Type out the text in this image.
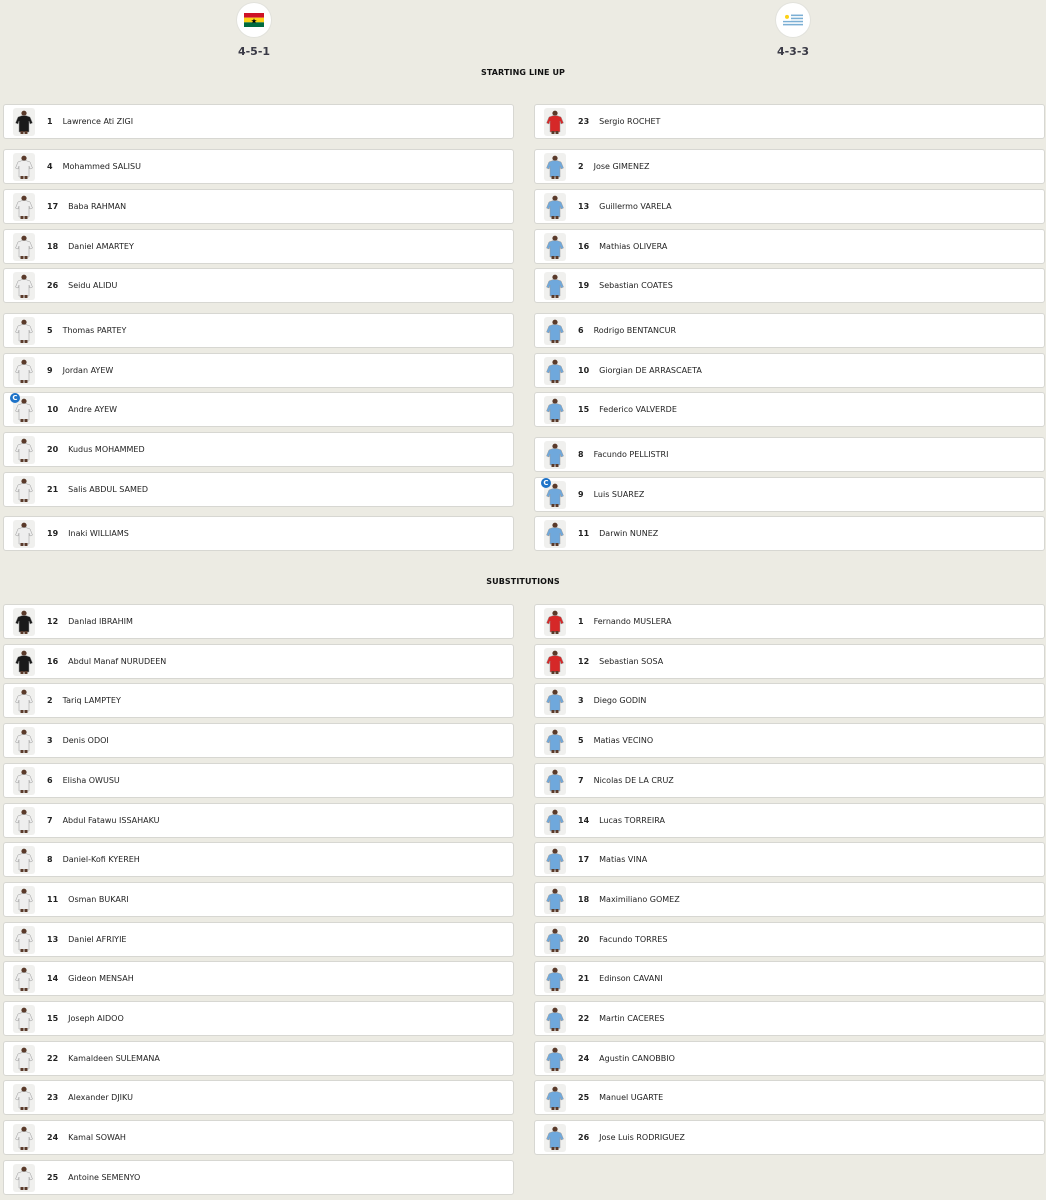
4-5-1	4-3-3
STARTING LINE UP
SUBSTITUTIONS
1 Lawrence Ati ZIGI
4 Mohammed SALISU
17 Baba RAHMAN
18 Daniel AMARTEY
26 Seidu ALIDU
5 Thomas PARTEY
9 Jordan AYEW
C
10 Andre AYEW
20 Kudus MOHAMMED
21 Salis ABDUL SAMED
19 Inaki WILLIAMS
23 Sergio ROCHET
2 Jose GIMENEZ
13 Guillermo VARELA
16 Mathias OLIVERA
19 Sebastian COATES
6 Rodrigo BENTANCUR
10 Giorgian DE ARRASCAETA
15 Federico VALVERDE
8 Facundo PELLISTRI
C
9 Luis SUAREZ
11 Darwin NUNEZ
12 Danlad IBRAHIM
16 Abdul Manaf NURUDEEN
2 Tariq LAMPTEY
3 Denis ODOI
6 Elisha OWUSU
7 Abdul Fatawu ISSAHAKU
8 Daniel-Kofi KYEREH
11 Osman BUKARI
13 Daniel AFRIYIE
14 Gideon MENSAH
15 Joseph AIDOO
22 Kamaldeen SULEMANA
23 Alexander DJIKU
24 Kamal SOWAH
25 Antoine SEMENYO
1 Fernando MUSLERA
12 Sebastian SOSA
3 Diego GODIN
5 Matias VECINO
7 Nicolas DE LA CRUZ
14 Lucas TORREIRA
17 Matias VINA
18 Maximiliano GOMEZ
20 Facundo TORRES
21 Edinson CAVANI
22 Martin CACERES
24 Agustin CANOBBIO
25 Manuel UGARTE
26 Jose Luis RODRIGUEZ
